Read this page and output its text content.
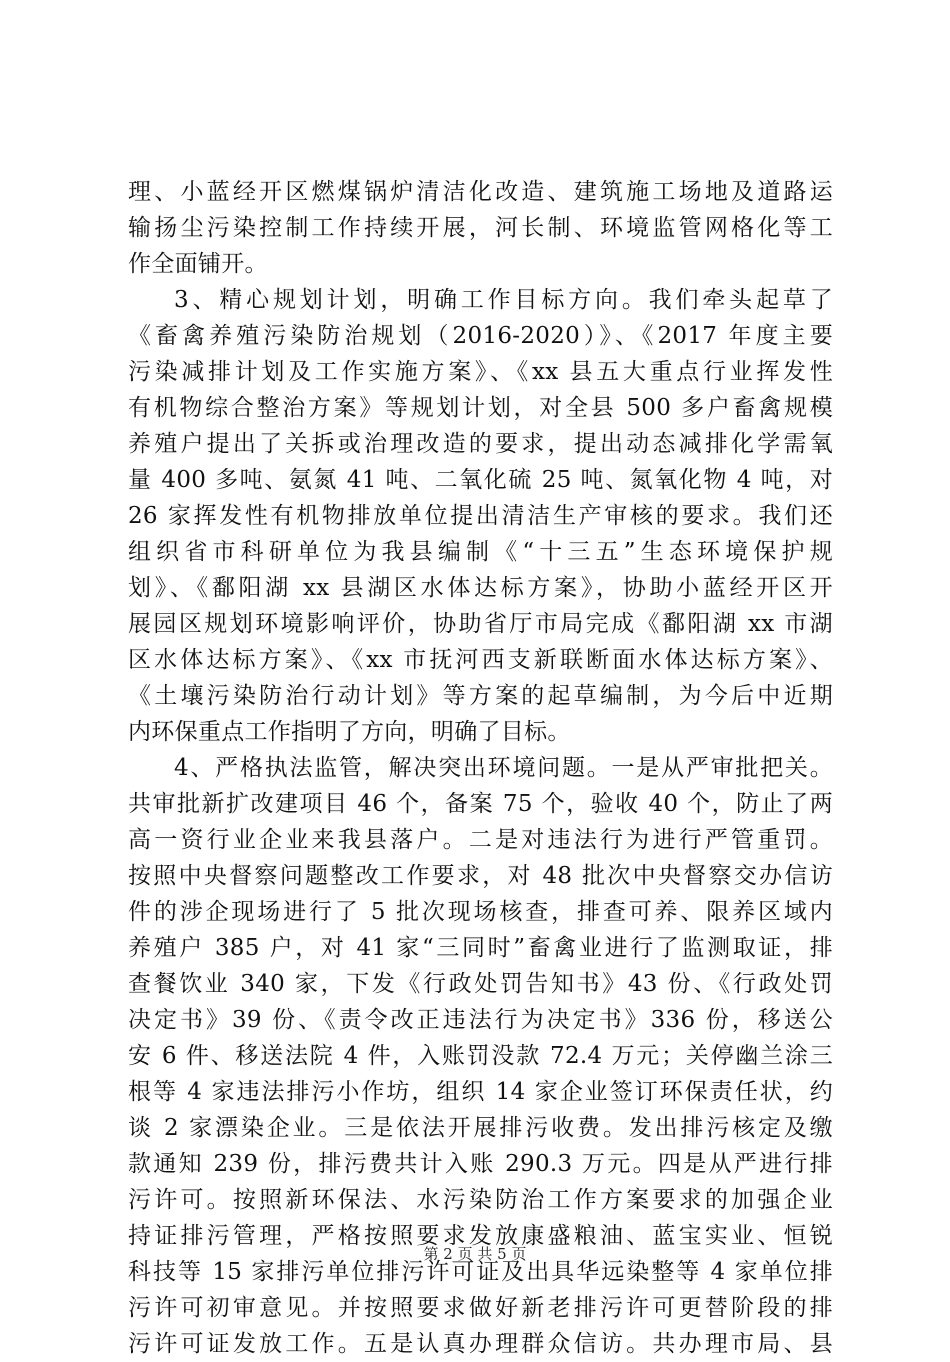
理、小蓝经开区燃煤锅炉清洁化改造、建筑施工场地及道路运
输扬尘污染控制工作持续开展，河长制、环境监管网格化等工
作全面铺开。
3、精心规划计划，明确工作目标方向。我们牵头起草了
《畜禽养殖污染防治规划（2016-2020）》、《2017 年度主要
污染减排计划及工作实施方案》、《xx 县五大重点行业挥发性
有机物综合整治方案》等规划计划，对全县 500 多户畜禽规模
养殖户提出了关拆或治理改造的要求，提出动态减排化学需氧
量 400 多吨、氨氮 41 吨、二氧化硫 25 吨、氮氧化物 4 吨，对
26 家挥发性有机物排放单位提出清洁生产审核的要求。我们还
组织省市科研单位为我县编制《“十三五”生态环境保护规
划》、《鄱阳湖 xx 县湖区水体达标方案》，协助小蓝经开区开
展园区规划环境影响评价，协助省厅市局完成《鄱阳湖 xx 市湖
区水体达标方案》、《xx 市抚河西支新联断面水体达标方案》、
《土壤污染防治行动计划》等方案的起草编制，为今后中近期
内环保重点工作指明了方向，明确了目标。
4、严格执法监管，解决突出环境问题。一是从严审批把关。
共审批新扩改建项目 46 个，备案 75 个，验收 40 个，防止了两
高一资行业企业来我县落户。二是对违法行为进行严管重罚。
按照中央督察问题整改工作要求，对 48 批次中央督察交办信访
件的涉企现场进行了 5 批次现场核查，排查可养、限养区域内
养殖户 385 户，对 41 家“三同时”畜禽业进行了监测取证，排
查餐饮业 340 家，下发《行政处罚告知书》43 份、《行政处罚
决定书》39 份、《责令改正违法行为决定书》336 份，移送公
安 6 件、移送法院 4 件，入账罚没款 72.4 万元；关停幽兰涂三
根等 4 家违法排污小作坊，组织 14 家企业签订环保责任状，约
谈 2 家漂染企业。三是依法开展排污收费。发出排污核定及缴
款通知 239 份，排污费共计入账 290.3 万元。四是从严进行排
污许可。按照新环保法、水污染防治工作方案要求的加强企业
持证排污管理，严格按照要求发放康盛粮油、蓝宝实业、恒锐
科技等 15 家排污单位排污许可证及出具华远染整等 4 家单位排
污许可初审意见。并按照要求做好新老排污许可更替阶段的排
污许可证发放工作。五是认真办理群众信访。共办理市局、县
第 2 页 共 5 页
